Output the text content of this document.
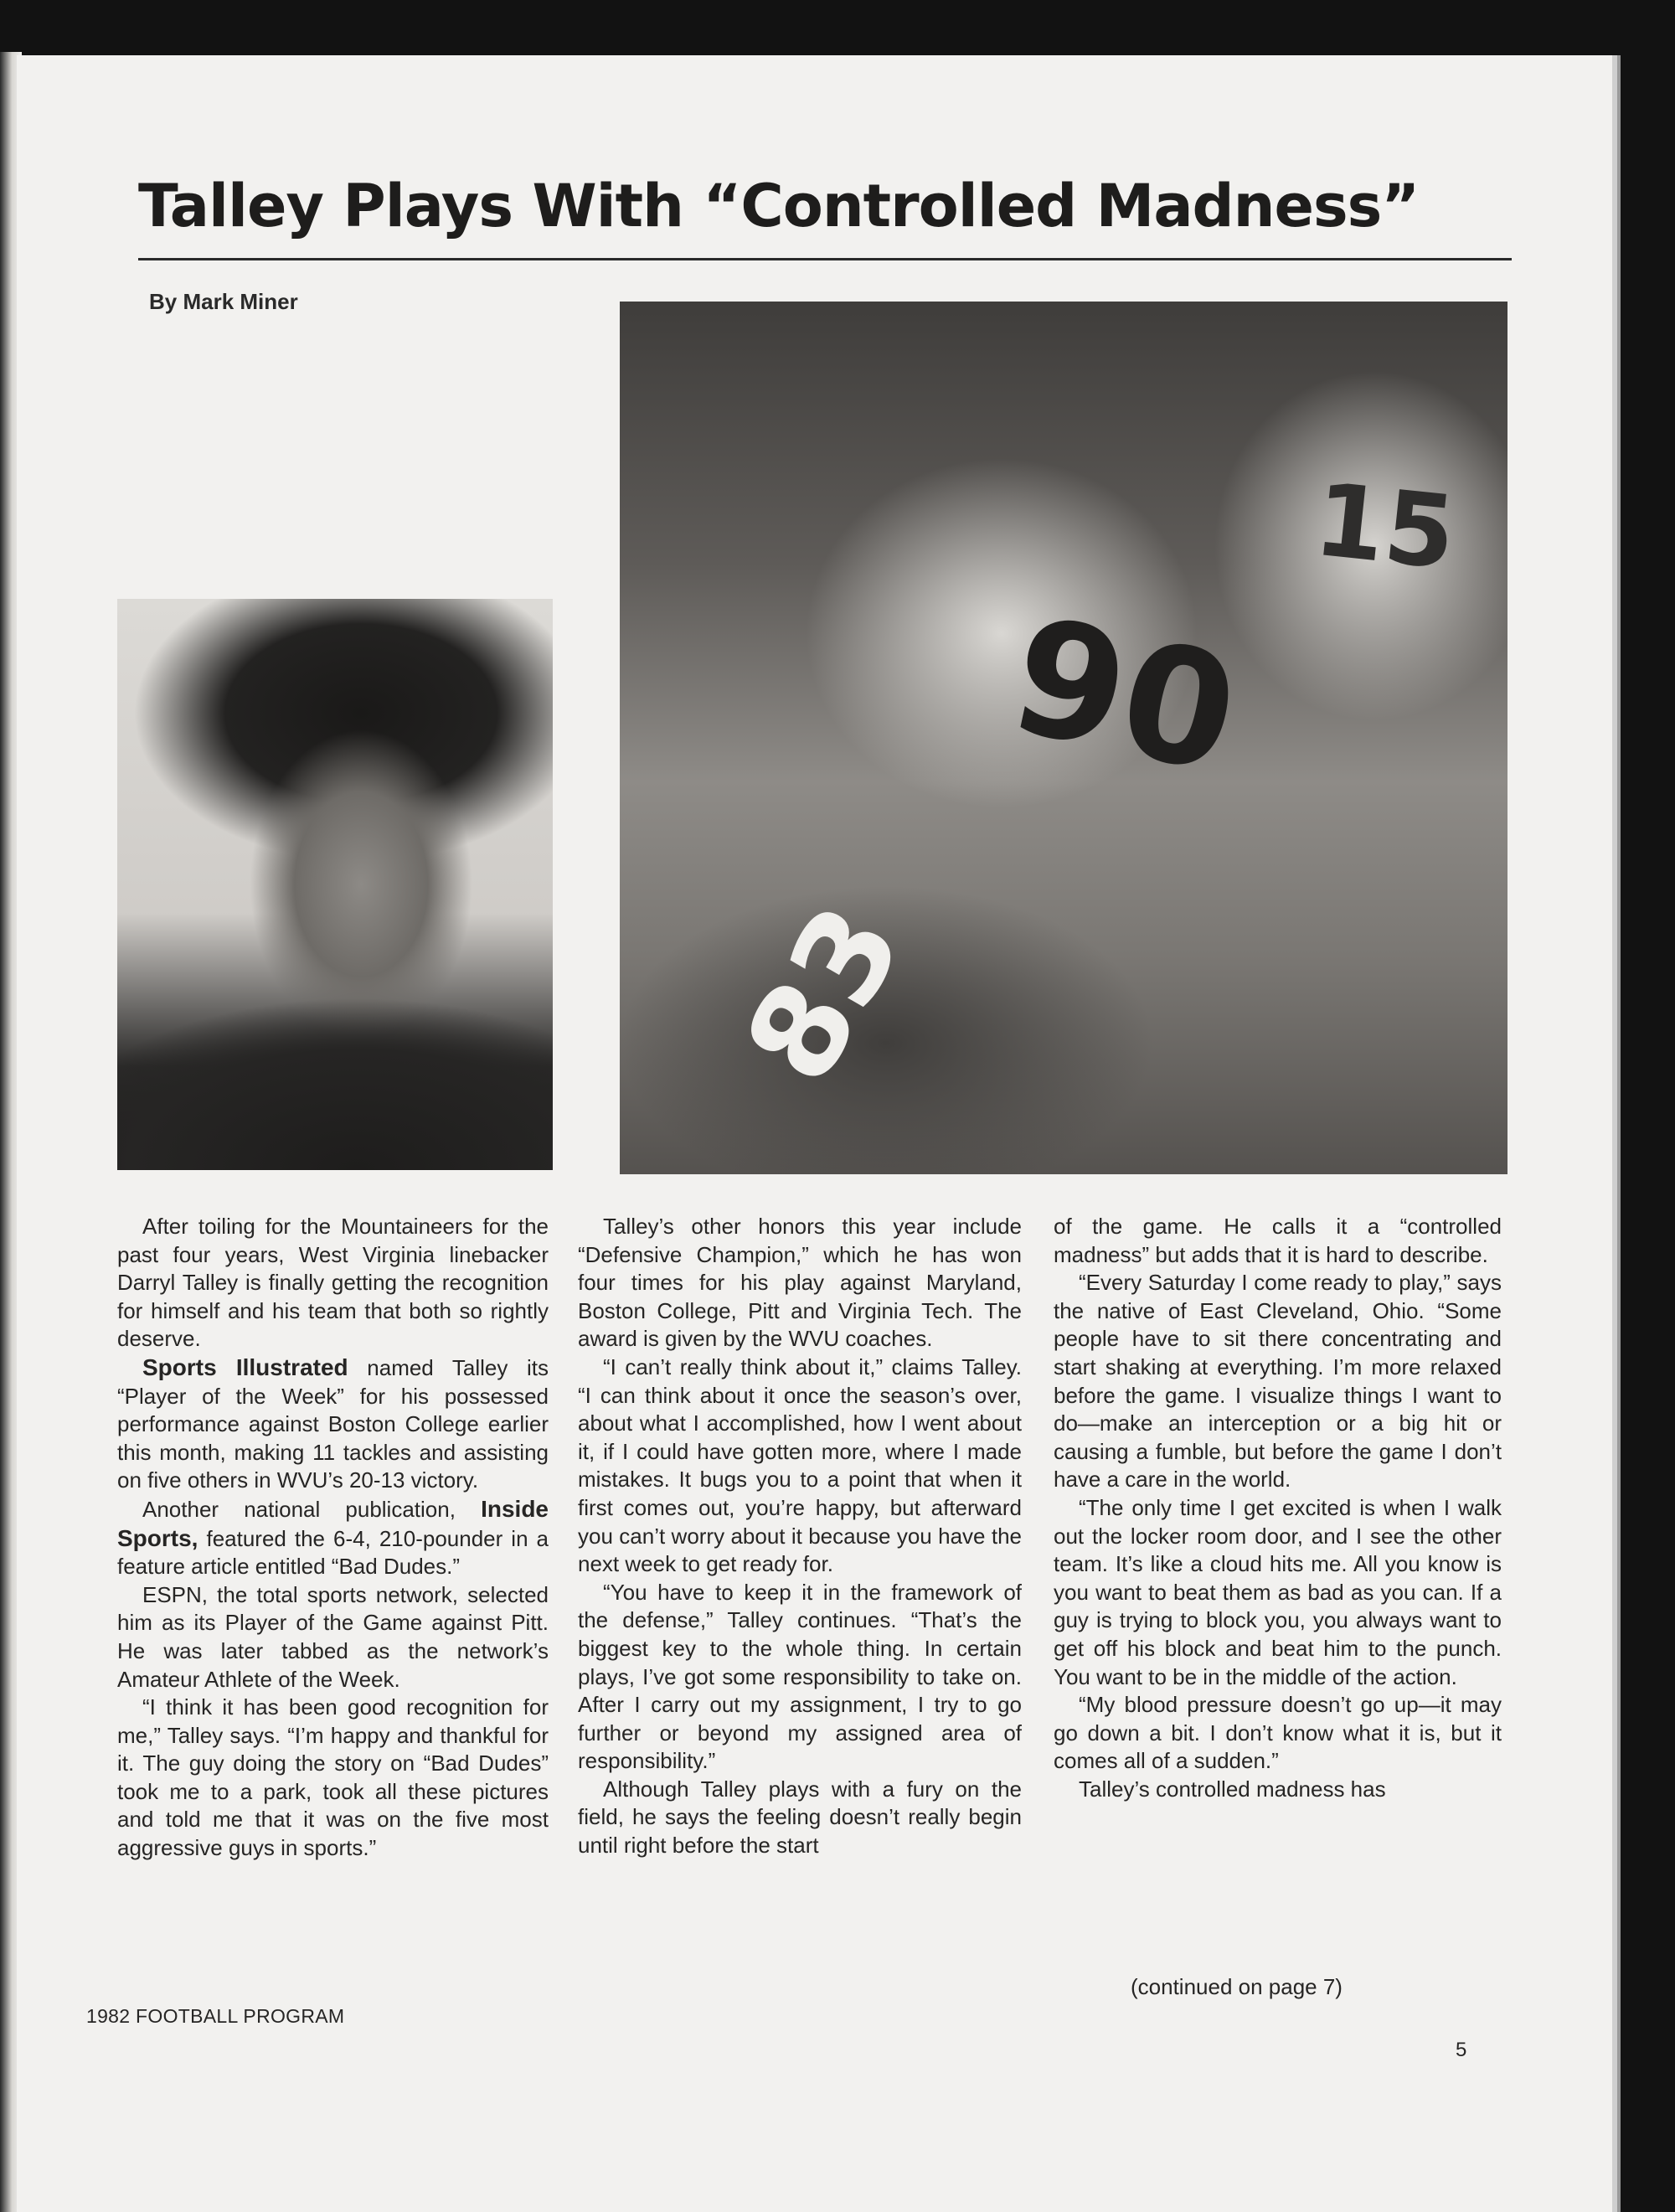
Talley Plays With “Controlled Madness”
By Mark Miner
90
15
83

After toiling for the Mountaineers for the past four years, West Virginia linebacker Darryl Talley is finally getting the recognition for himself and his team that both so rightly deserve.

Sports Illustrated named Talley its “Player of the Week” for his possessed performance against Boston College earlier this month, making 11 tackles and assisting on five others in WVU’s 20-13 victory.

Another national publication, Inside Sports, featured the 6-4, 210-pounder in a feature article entitled “Bad Dudes.”

ESPN, the total sports network, selected him as its Player of the Game against Pitt. He was later tabbed as the network’s Amateur Athlete of the Week.

“I think it has been good recognition for me,” Talley says. “I’m happy and thankful for it. The guy doing the story on “Bad Dudes” took me to a park, took all these pictures and told me that it was on the five most aggressive guys in sports.”

Talley’s other honors this year include “Defensive Champion,” which he has won four times for his play against Maryland, Boston College, Pitt and Virginia Tech. The award is given by the WVU coaches.

“I can’t really think about it,” claims Talley. “I can think about it once the season’s over, about what I accomplished, how I went about it, if I could have gotten more, where I made mistakes. It bugs you to a point that when it first comes out, you’re happy, but afterward you can’t worry about it because you have the next week to get ready for.

“You have to keep it in the framework of the defense,” Talley continues. “That’s the biggest key to the whole thing. In certain plays, I’ve got some responsibility to take on. After I carry out my assignment, I try to go further or beyond my assigned area of responsibility.”

Although Talley plays with a fury on the field, he says the feeling doesn’t really begin until right before the start

of the game. He calls it a “controlled madness” but adds that it is hard to describe.

“Every Saturday I come ready to play,” says the native of East Cleveland, Ohio. “Some people have to sit there concentrating and start shaking at everything. I’m more relaxed before the game. I visualize things I want to do—make an interception or a big hit or causing a fumble, but before the game I don’t have a care in the world.

“The only time I get excited is when I walk out the locker room door, and I see the other team. It’s like a cloud hits me. All you know is you want to beat them as bad as you can. If a guy is trying to block you, you always want to get off his block and beat him to the punch. You want to be in the middle of the action.

“My blood pressure doesn’t go up—it may go down a bit. I don’t know what it is, but it comes all of a sudden.”

Talley’s controlled madness has

(continued on page 7)
1982 FOOTBALL PROGRAM
5
